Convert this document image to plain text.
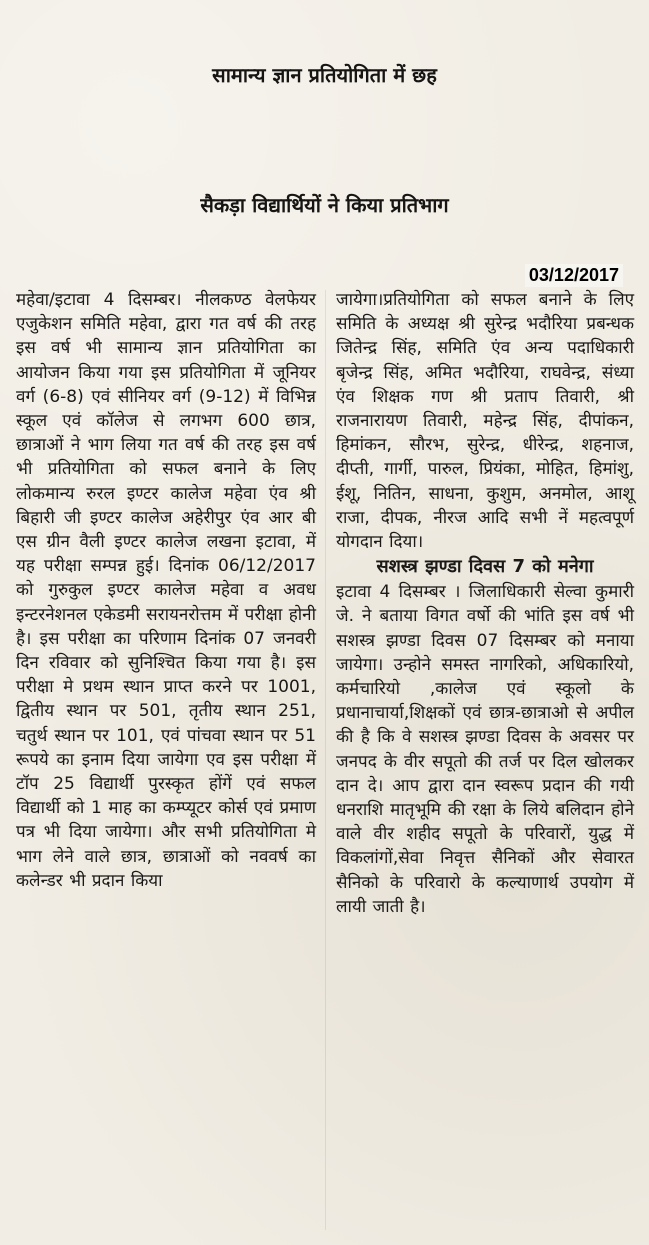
सामान्य ज्ञान प्रतियोगिता में छह
सैकड़ा विद्यार्थियों ने किया प्रतिभाग
03/12/2017

महेवा/इटावा 4 दिसम्बर। नीलकण्ठ वेलफेयर एजुकेशन समिति महेवा, द्वारा गत वर्ष की तरह इस वर्ष भी सामान्य ज्ञान प्रतियोगिता का आयोजन किया गया इस प्रतियोगिता में जूनियर वर्ग (6-8) एवं सीनियर वर्ग (9-12) में विभिन्न स्कूल एवं कॉलेज से लगभग 600 छात्र, छात्राओं ने भाग लिया गत वर्ष की तरह इस वर्ष भी प्रतियोगिता को सफल बनाने के लिए लोकमान्य रुरल इण्टर कालेज महेवा एंव श्री बिहारी जी इण्टर कालेज अहेरीपुर एंव आर बी एस ग्रीन वैली इण्टर कालेज लखना इटावा, में यह परीक्षा सम्पन्न हुई। दिनांक 06/12/2017 को गुरुकुल इण्टर कालेज महेवा व अवध इन्टरनेशनल एकेडमी सरायनरोत्तम में परीक्षा होनी है। इस परीक्षा का परिणाम दिनांक 07 जनवरी दिन रविवार को सुनिश्चित किया गया है। इस परीक्षा मे प्रथम स्थान प्राप्त करने पर 1001, द्वितीय स्थान पर 501, तृतीय स्थान 251, चतुर्थ स्थान पर 101, एवं पांचवा स्थान पर 51 रूपये का इनाम दिया जायेगा एव इस परीक्षा में टॉप 25 विद्यार्थी पुरस्कृत होंगें एवं सफल विद्यार्थी को 1 माह का कम्प्यूटर कोर्स एवं प्रमाण पत्र भी दिया जायेगा। और सभी प्रतियोगिता मे भाग लेने वाले छात्र, छात्राओं को नववर्ष का कलेन्डर भी प्रदान किया

जायेगा।प्रतियोगिता को सफल बनाने के लिए समिति के अध्यक्ष श्री सुरेन्द्र भदौरिया प्रबन्धक जितेन्द्र सिंह, समिति एंव अन्य पदाधिकारी बृजेन्द्र सिंह, अमित भदौरिया, राघवेन्द्र, संध्या एंव शिक्षक गण श्री प्रताप तिवारी, श्री राजनारायण तिवारी, महेन्द्र सिंह, दीपांकन, हिमांकन, सौरभ, सुरेन्द्र, धीरेन्द्र, शहनाज, दीप्ती, गार्गी, पारुल, प्रियंका, मोहित, हिमांशु, ईशू, नितिन, साधना, कुशुम, अनमोल, आशू राजा, दीपक, नीरज आदि सभी नें महत्वपूर्ण योगदान दिया।

सशस्त्र झण्डा दिवस 7 को मनेगा

इटावा 4 दिसम्बर । जिलाधिकारी सेल्वा कुमारी जे. ने बताया विगत वर्षो की भांति इस वर्ष भी सशस्त्र झण्डा दिवस 07 दिसम्बर को मनाया जायेगा। उन्होने समस्त नागरिको, अधिकारियो, कर्मचारियो ,कालेज एवं स्कूलो के प्रधानाचार्या,शिक्षकों एवं छात्र-छात्राओ से अपील की है कि वे सशस्त्र झण्डा दिवस के अवसर पर जनपद के वीर सपूतो की तर्ज पर दिल खोलकर दान दे। आप द्वारा दान स्वरूप प्रदान की गयी धनराशि मातृभूमि की रक्षा के लिये बलिदान होने वाले वीर शहीद सपूतो के परिवारों, युद्ध में विकलांगों,सेवा निवृत्त सैनिकों और सेवारत सैनिको के परिवारो के कल्याणार्थ उपयोग में लायी जाती है।
